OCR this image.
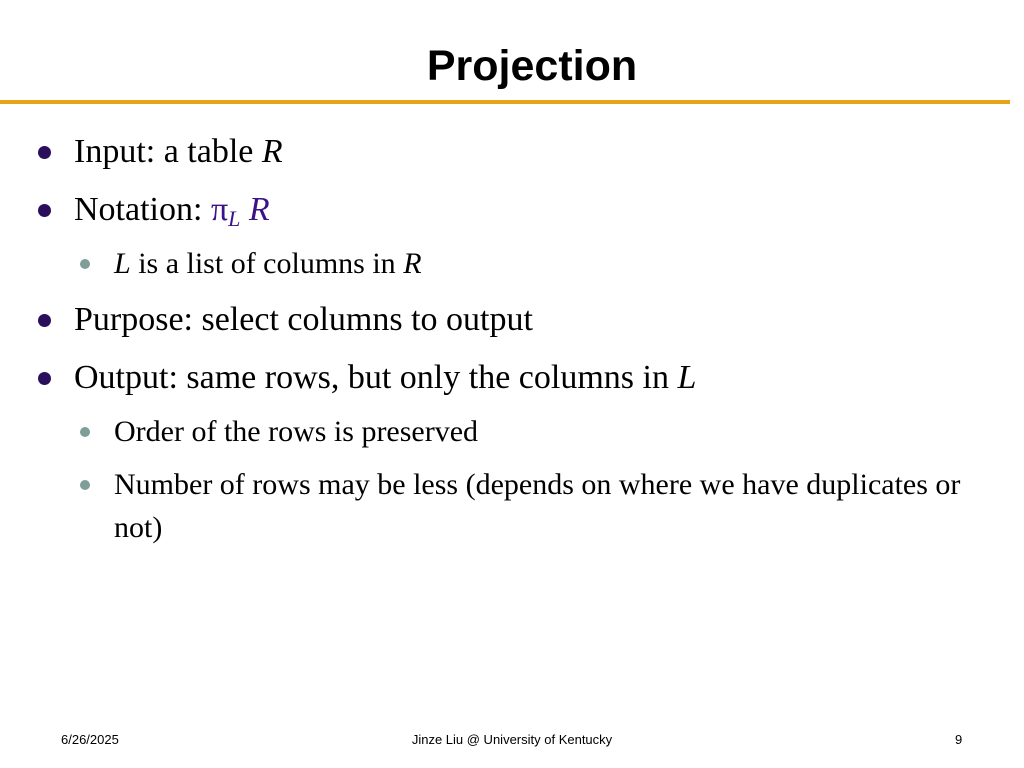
Projection
Input: a table R
Notation: $\pi_L$ R
L is a list of columns in R
Purpose: select columns to output
Output: same rows, but only the columns in L
Order of the rows is preserved
Number of rows may be less (depends on where we have duplicates or not)
6/26/2025	Jinze Liu @ University of Kentucky	9
